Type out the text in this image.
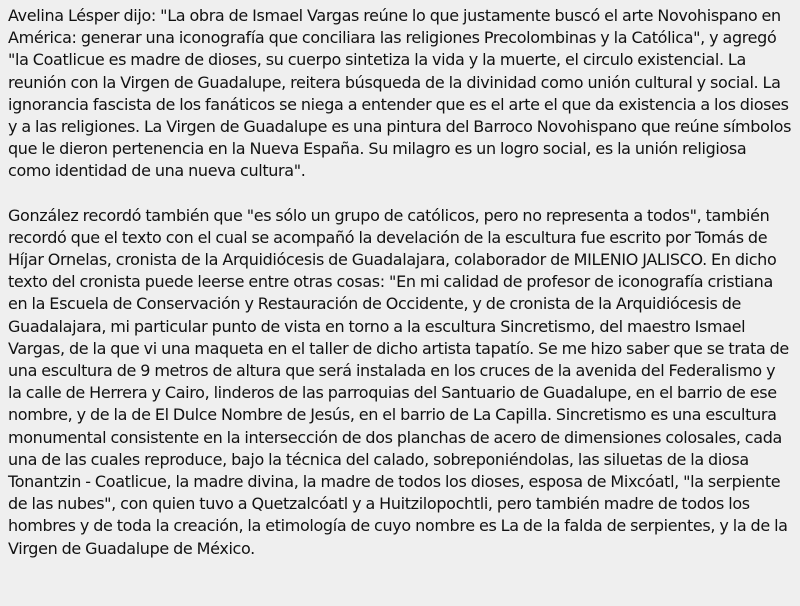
Avelina Lésper dijo: "La obra de Ismael Vargas reúne lo que justamente buscó el arte Novohispano en América: generar una iconografía que conciliara las religiones Precolombinas y la Católica", y agregó "la Coatlicue es madre de dioses, su cuerpo sintetiza la vida y la muerte, el circulo existencial. La reunión con la Virgen de Guadalupe, reitera búsqueda de la divinidad como unión cultural y social. La ignorancia fascista de los fanáticos se niega a entender que es el arte el que da existencia a los dioses y a las religiones. La Virgen de Guadalupe es una pintura del Barroco Novohispano que reúne símbolos que le dieron pertenencia en la Nueva España. Su milagro es un logro social, es la unión religiosa como identidad de una nueva cultura".

González recordó también que "es sólo un grupo de católicos, pero no representa a todos", también recordó que el texto con el cual se acompañó la develación de la escultura fue escrito por Tomás de Híjar Ornelas, cronista de la Arquidiócesis de Guadalajara, colaborador de MILENIO JALISCO. En dicho texto del cronista puede leerse entre otras cosas: "En mi calidad de profesor de iconografía cristiana en la Escuela de Conservación y Restauración de Occidente, y de cronista de la Arquidiócesis de Guadalajara, mi particular punto de vista en torno a la escultura Sincretismo, del maestro Ismael Vargas, de la que vi una maqueta en el taller de dicho artista tapatío. Se me hizo saber que se trata de una escultura de 9 metros de altura que será instalada en los cruces de la avenida del Federalismo y la calle de Herrera y Cairo, linderos de las parroquias del Santuario de Guadalupe, en el barrio de ese nombre, y de la de El Dulce Nombre de Jesús, en el barrio de La Capilla. Sincretismo es una escultura monumental consistente en la intersección de dos planchas de acero de dimensiones colosales, cada una de las cuales reproduce, bajo la técnica del calado, sobreponiéndolas, las siluetas de la diosa Tonantzin - Coatlicue, la madre divina, la madre de todos los dioses, esposa de Mixcóatl, "la serpiente de las nubes", con quien tuvo a Quetzalcóatl y a Huitzilopochtli, pero también madre de todos los hombres y de toda la creación, la etimología de cuyo nombre es La de la falda de serpientes, y la de la Virgen de Guadalupe de México.
